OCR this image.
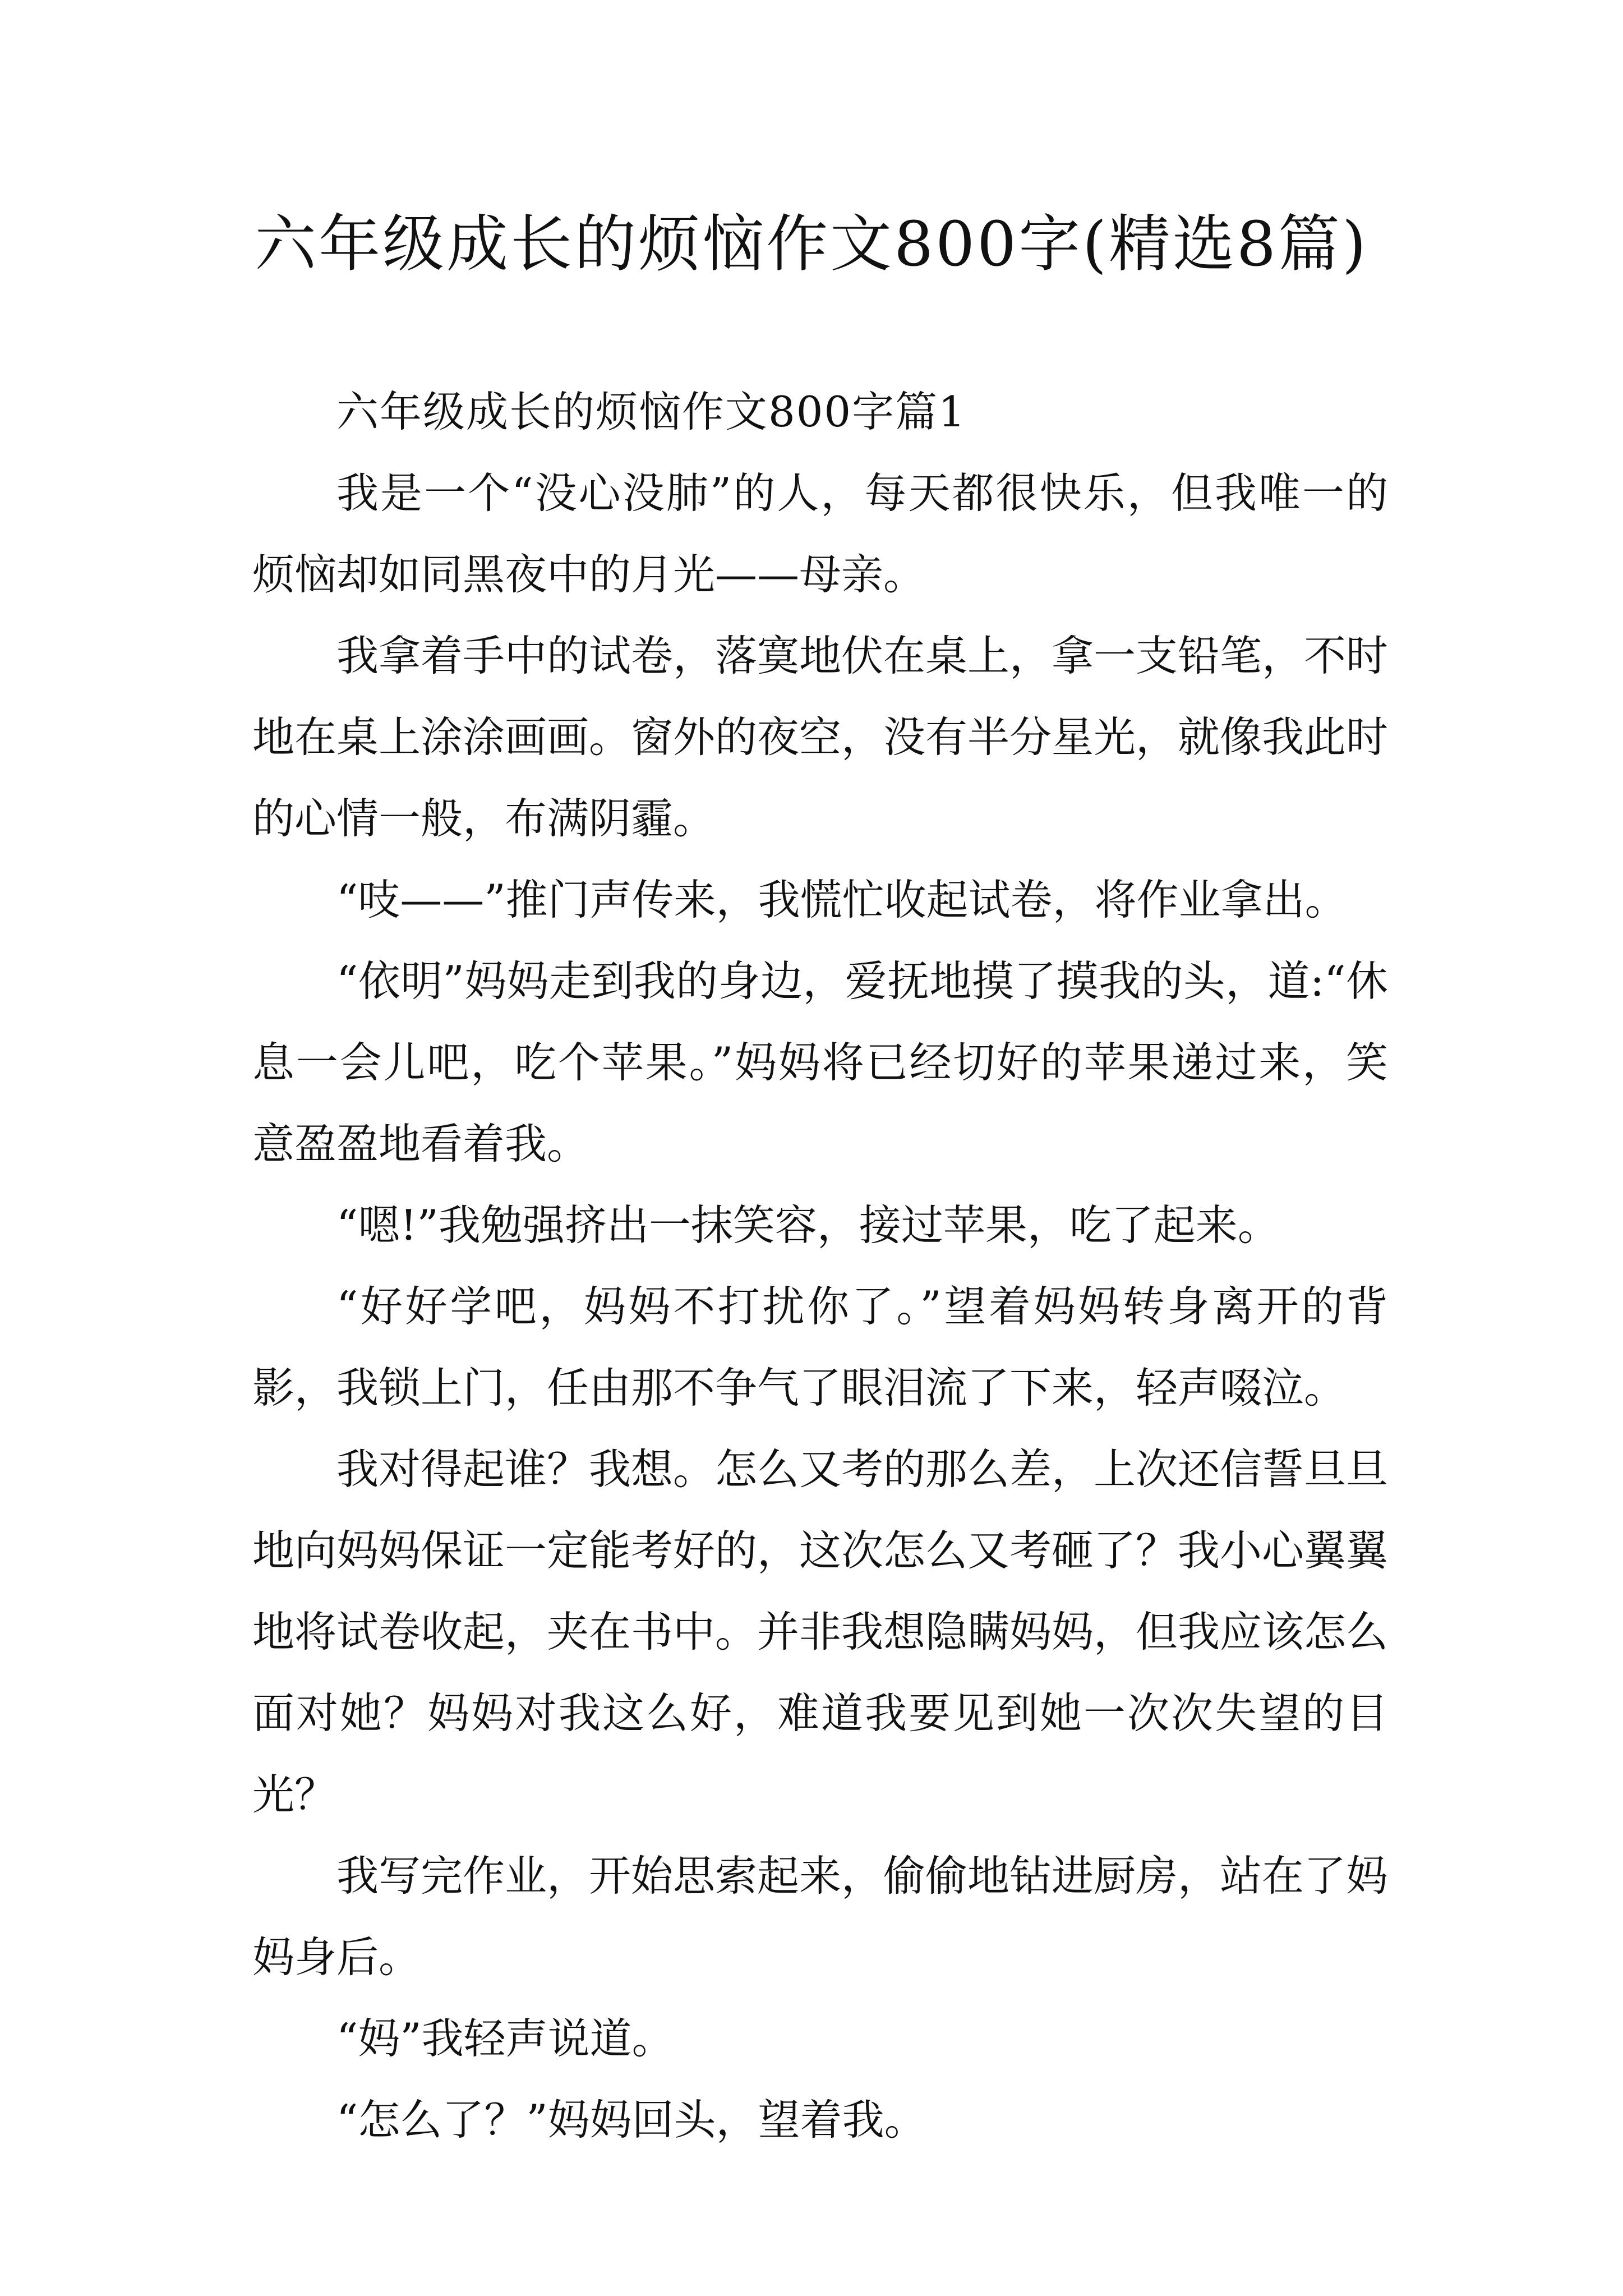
六年级成长的烦恼作文800字(精选8篇)

六年级成长的烦恼作文800字篇1

我是一个“没心没肺”的人，每天都很快乐，但我唯一的烦恼却如同黑夜中的月光——母亲。

我拿着手中的试卷，落寞地伏在桌上，拿一支铅笔，不时地在桌上涂涂画画。窗外的夜空，没有半分星光，就像我此时的心情一般，布满阴霾。

“吱——”推门声传来，我慌忙收起试卷，将作业拿出。

“依明”妈妈走到我的身边，爱抚地摸了摸我的头，道:“休息一会儿吧，吃个苹果。”妈妈将已经切好的苹果递过来，笑意盈盈地看着我。

“嗯!”我勉强挤出一抹笑容，接过苹果，吃了起来。

“好好学吧，妈妈不打扰你了。”望着妈妈转身离开的背影，我锁上门，任由那不争气了眼泪流了下来，轻声啜泣。

我对得起谁？我想。怎么又考的那么差，上次还信誓旦旦地向妈妈保证一定能考好的，这次怎么又考砸了？我小心翼翼地将试卷收起，夹在书中。并非我想隐瞒妈妈，但我应该怎么面对她？妈妈对我这么好，难道我要见到她一次次失望的目光？

我写完作业，开始思索起来，偷偷地钻进厨房，站在了妈妈身后。

“妈”我轻声说道。

“怎么了？”妈妈回头，望着我。
